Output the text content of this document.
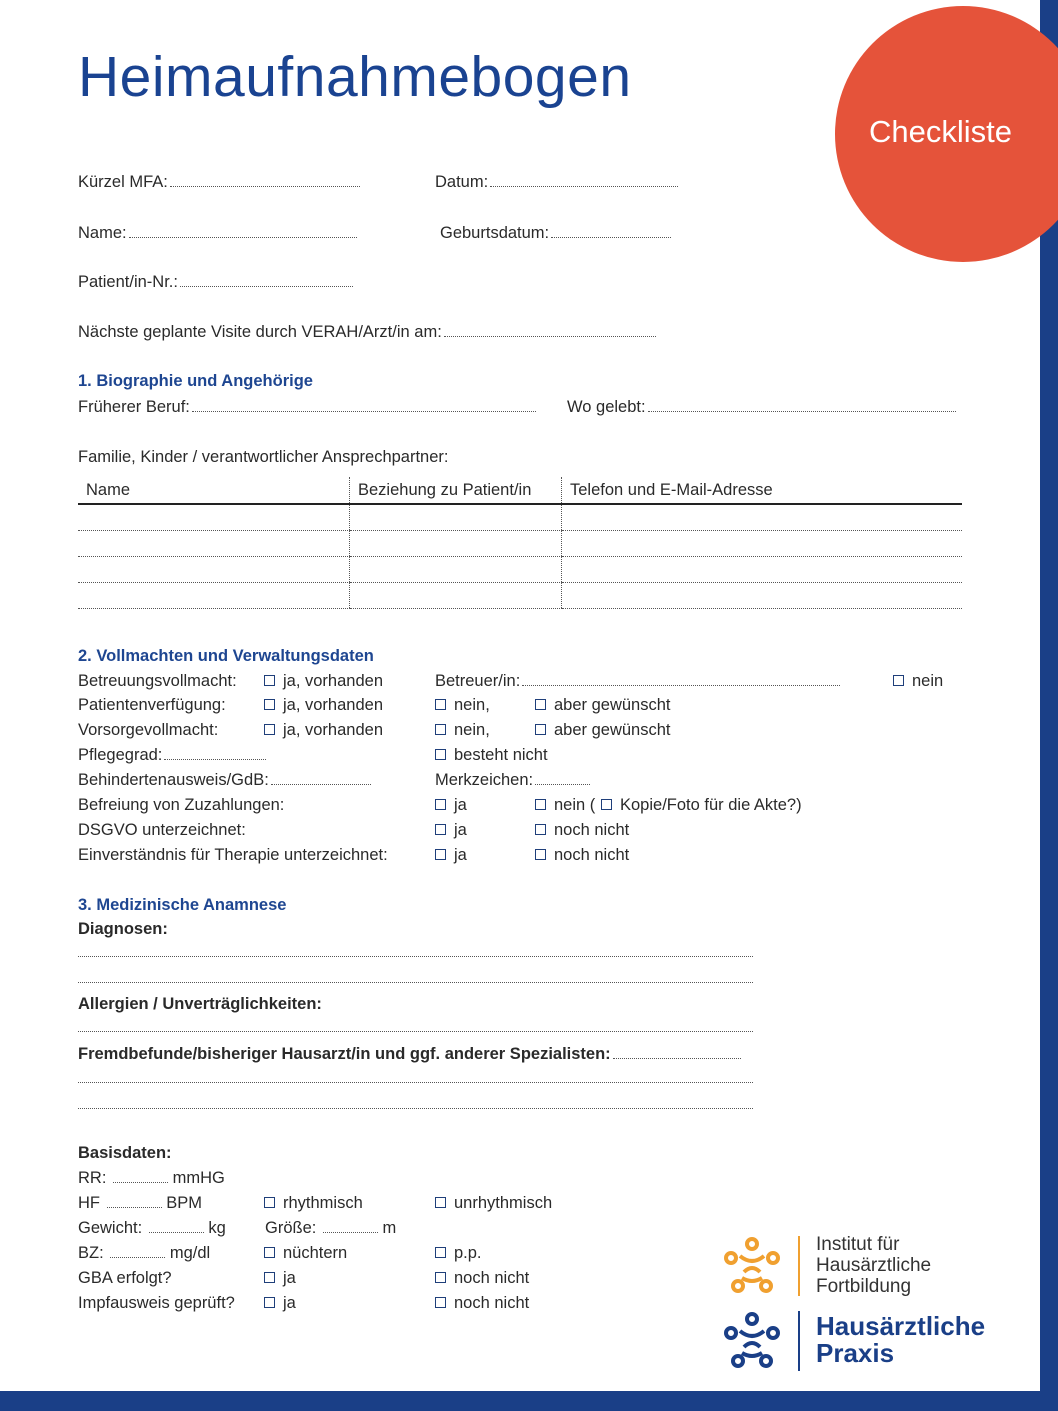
Checkliste
Heimaufnahmebogen
Kürzel MFA:	Datum:
Name:	Geburtsdatum:
Patient/in-Nr.:
Nächste geplante Visite durch VERAH/Arzt/in am:
1. Biographie und Angehörige
Früherer Beruf:	Wo gelebt:
Familie, Kinder / verantwortlicher Ansprechpartner:
Name	Beziehung zu Patient/in	Telefon und E-Mail-Adresse

2. Vollmachten und Verwaltungsdaten
Betreuungsvollmacht:	ja, vorhanden	Betreuer/in:	nein
Patientenverfügung:	ja, vorhanden	nein,	aber gewünscht
Vorsorgevollmacht:	ja, vorhanden	nein,	aber gewünscht
Pflegegrad:	besteht nicht
Behindertenausweis/GdB:	Merkzeichen:
Befreiung von Zuzahlungen:	ja	nein (	Kopie/Foto für die Akte?)
DSGVO unterzeichnet:	ja	noch nicht
Einverständnis für Therapie unterzeichnet:	ja	noch nicht
3. Medizinische Anamnese
Diagnosen:
Allergien / Unverträglichkeiten:
Fremdbefunde/bisheriger Hausarzt/in und ggf. anderer Spezialisten:
Basisdaten:
RR:	mmHG
HF	BPM	rhythmisch	unrhythmisch
Gewicht:	kg Größe:	m
BZ:	mg/dl	nüchtern	p.p.
GBA erfolgt?	ja	noch nicht
Impfausweis geprüft?	ja	noch nicht
Institut für
Hausärztliche
Fortbildung
Hausärztliche
Praxis
